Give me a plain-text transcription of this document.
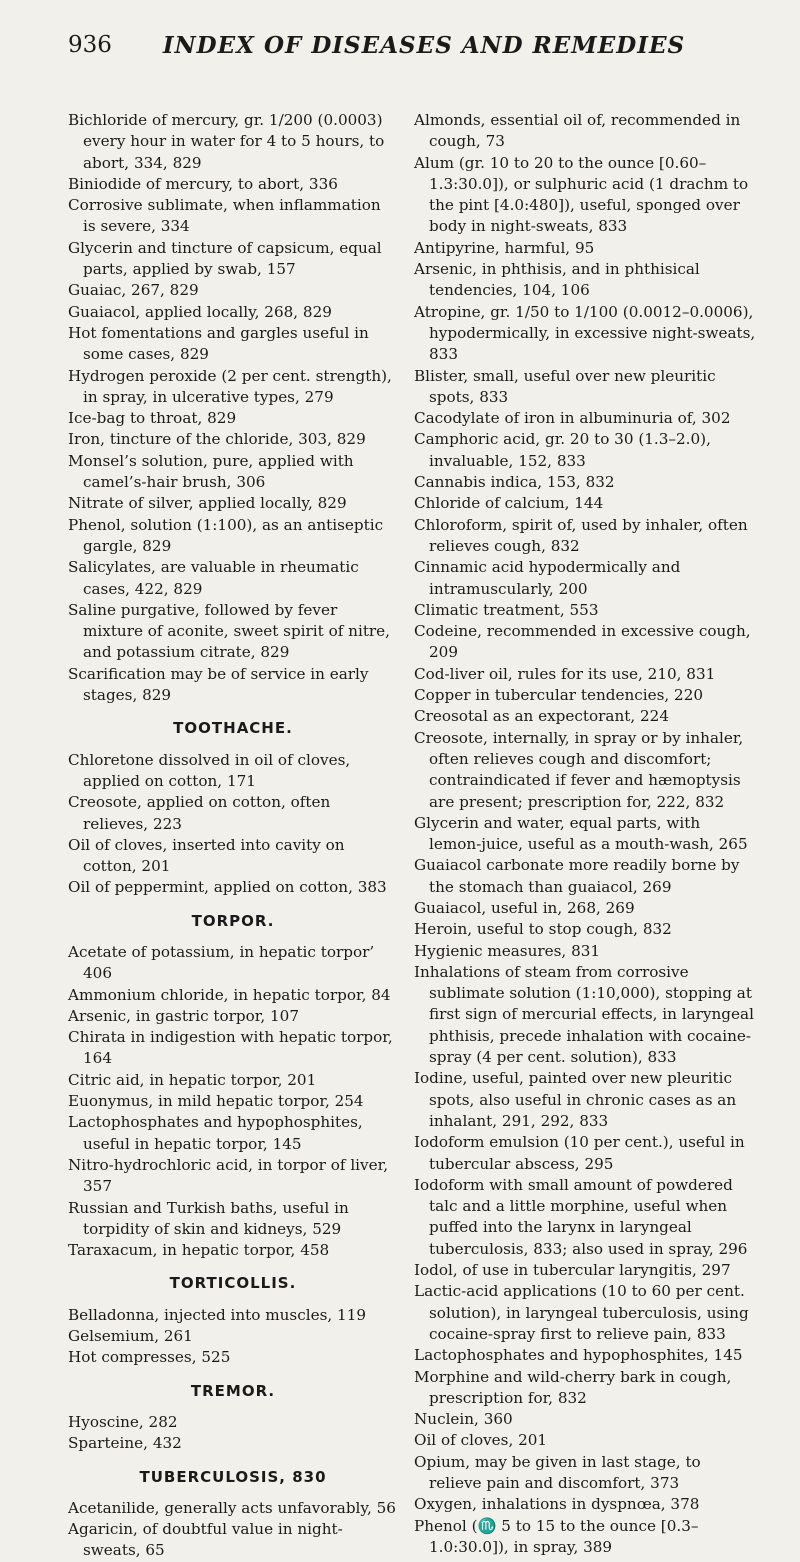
936	INDEX OF DISEASES AND REMEDIES
Bichloride of mercury, gr. 1/200 (0.0003) every hour in water for 4 to 5 hours, to abort, 334, 829
Biniodide of mercury, to abort, 336
Corrosive sublimate, when inflammation is severe, 334
Glycerin and tincture of capsicum, equal parts, applied by swab, 157
Guaiac, 267, 829
Guaiacol, applied locally, 268, 829
Hot fomentations and gargles useful in some cases, 829
Hydrogen peroxide (2 per cent. strength), in spray, in ulcerative types, 279
Ice-bag to throat, 829
Iron, tincture of the chloride, 303, 829
Monsel’s solution, pure, applied with camel’s-hair brush, 306
Nitrate of silver, applied locally, 829
Phenol, solution (1:100), as an antiseptic gargle, 829
Salicylates, are valuable in rheumatic cases, 422, 829
Saline purgative, followed by fever mixture of aconite, sweet spirit of nitre, and potassium citrate, 829
Scarification may be of service in early stages, 829
TOOTHACHE.
Chloretone dissolved in oil of cloves, applied on cotton, 171
Creosote, applied on cotton, often relieves, 223
Oil of cloves, inserted into cavity on cotton, 201
Oil of peppermint, applied on cotton, 383
TORPOR.
Acetate of potassium, in hepatic torpor’ 406
Ammonium chloride, in hepatic torpor, 84
Arsenic, in gastric torpor, 107
Chirata in indigestion with hepatic torpor, 164
Citric aid, in hepatic torpor, 201
Euonymus, in mild hepatic torpor, 254
Lactophosphates and hypophosphites, useful in hepatic torpor, 145
Nitro-hydrochloric acid, in torpor of liver, 357
Russian and Turkish baths, useful in torpidity of skin and kidneys, 529
Taraxacum, in hepatic torpor, 458
TORTICOLLIS.
Belladonna, injected into muscles, 119
Gelsemium, 261
Hot compresses, 525
TREMOR.
Hyoscine, 282
Sparteine, 432
TUBERCULOSIS, 830
Acetanilide, generally acts unfavorably, 56
Agaricin, of doubtful value in night-sweats, 65
Almonds, essential oil of, recommended in cough, 73
Alum (gr. 10 to 20 to the ounce [0.60–1.3:30.0]), or sulphuric acid (1 drachm to the pint [4.0:480]), useful, sponged over body in night-sweats, 833
Antipyrine, harmful, 95
Arsenic, in phthisis, and in phthisical tendencies, 104, 106
Atropine, gr. 1/50 to 1/100 (0.0012–0.0006), hypodermically, in excessive night-sweats, 833
Blister, small, useful over new pleuritic spots, 833
Cacodylate of iron in albuminuria of, 302
Camphoric acid, gr. 20 to 30 (1.3–2.0), invaluable, 152, 833
Cannabis indica, 153, 832
Chloride of calcium, 144
Chloroform, spirit of, used by inhaler, often relieves cough, 832
Cinnamic acid hypodermically and intramuscularly, 200
Climatic treatment, 553
Codeine, recommended in excessive cough, 209
Cod-liver oil, rules for its use, 210, 831
Copper in tubercular tendencies, 220
Creosotal as an expectorant, 224
Creosote, internally, in spray or by inhaler, often relieves cough and discomfort; contraindicated if fever and hæmoptysis are present; prescription for, 222, 832
Glycerin and water, equal parts, with lemon-juice, useful as a mouth-wash, 265
Guaiacol carbonate more readily borne by the stomach than guaiacol, 269
Guaiacol, useful in, 268, 269
Heroin, useful to stop cough, 832
Hygienic measures, 831
Inhalations of steam from corrosive sublimate solution (1:10,000), stopping at first sign of mercurial effects, in laryngeal phthisis, precede inhalation with cocaine-spray (4 per cent. solution), 833
Iodine, useful, painted over new pleuritic spots, also useful in chronic cases as an inhalant, 291, 292, 833
Iodoform emulsion (10 per cent.), useful in tubercular abscess, 295
Iodoform with small amount of powdered talc and a little morphine, useful when puffed into the larynx in laryngeal tuberculosis, 833; also used in spray, 296
Iodol, of use in tubercular laryngitis, 297
Lactic-acid applications (10 to 60 per cent. solution), in laryngeal tuberculosis, using cocaine-spray first to relieve pain, 833
Lactophosphates and hypophosphites, 145
Morphine and wild-cherry bark in cough, prescription for, 832
Nuclein, 360
Oil of cloves, 201
Opium, may be given in last stage, to relieve pain and discomfort, 373
Oxygen, inhalations in dyspnœa, 378
Phenol (♏ 5 to 15 to the ounce [0.3–1.0:30.0]), in spray, 389
